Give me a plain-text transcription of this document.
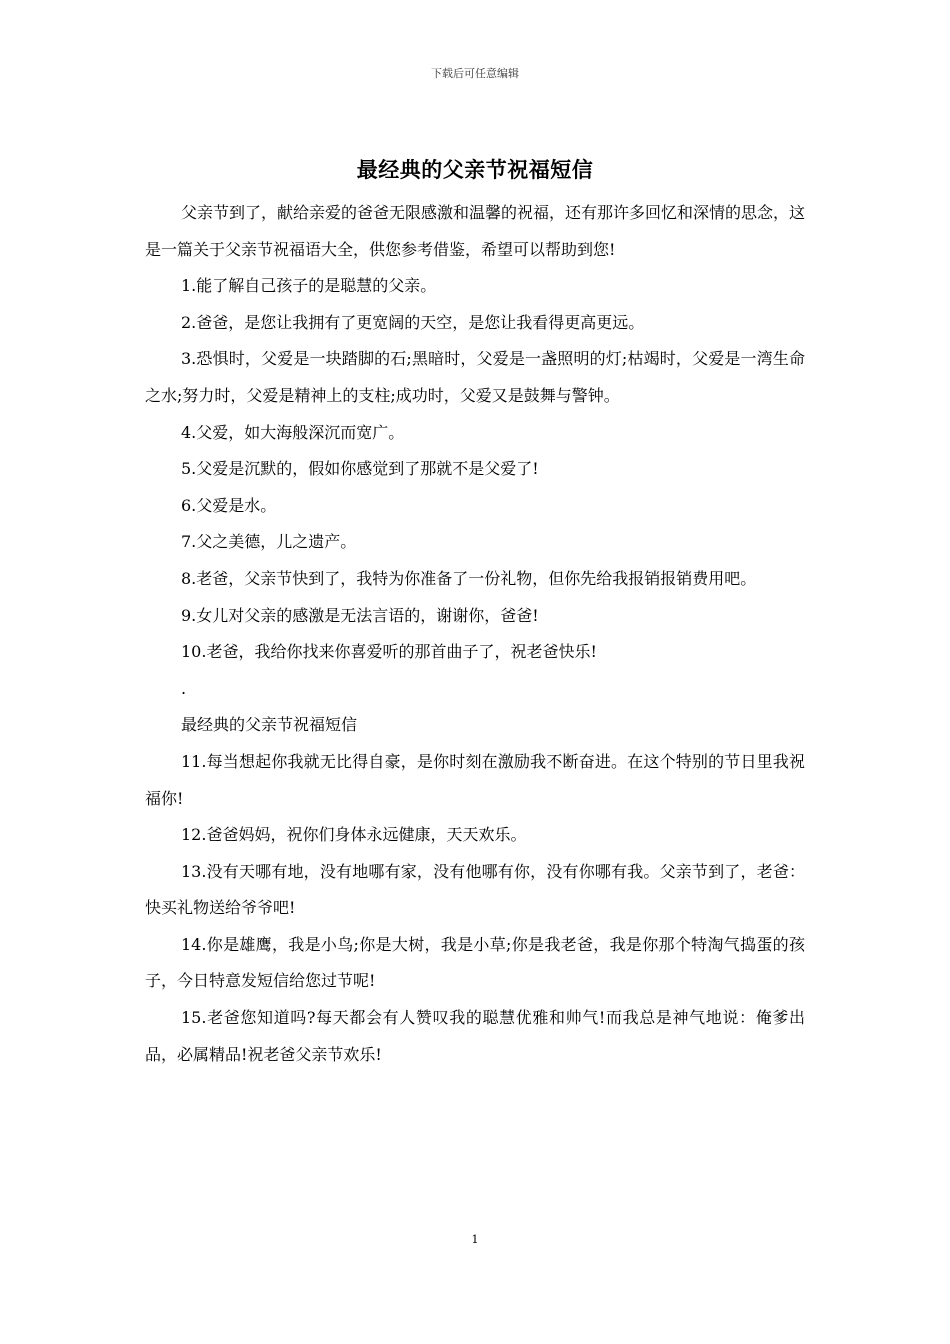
下载后可任意编辑
最经典的父亲节祝福短信

父亲节到了，献给亲爱的爸爸无限感激和温馨的祝福，还有那许多回忆和深情的思念，这是一篇关于父亲节祝福语大全，供您参考借鉴，希望可以帮助到您!

1.能了解自己孩子的是聪慧的父亲。

2.爸爸，是您让我拥有了更宽阔的天空，是您让我看得更高更远。

3.恐惧时，父爱是一块踏脚的石;黑暗时，父爱是一盏照明的灯;枯竭时，父爱是一湾生命之水;努力时，父爱是精神上的支柱;成功时，父爱又是鼓舞与警钟。

4.父爱，如大海般深沉而宽广。

5.父爱是沉默的，假如你感觉到了那就不是父爱了!

6.父爱是水。

7.父之美德，儿之遗产。

8.老爸，父亲节快到了，我特为你准备了一份礼物，但你先给我报销报销费用吧。

9.女儿对父亲的感激是无法言语的，谢谢你，爸爸!

10.老爸，我给你找来你喜爱听的那首曲子了，祝老爸快乐!

.

最经典的父亲节祝福短信

11.每当想起你我就无比得自豪，是你时刻在激励我不断奋进。在这个特别的节日里我祝福你!

12.爸爸妈妈，祝你们身体永远健康，天天欢乐。

13.没有天哪有地，没有地哪有家，没有他哪有你，没有你哪有我。父亲节到了，老爸：快买礼物送给爷爷吧!

14.你是雄鹰，我是小鸟;你是大树，我是小草;你是我老爸，我是你那个特淘气捣蛋的孩子，今日特意发短信给您过节呢!

15.老爸您知道吗?每天都会有人赞叹我的聪慧优雅和帅气!而我总是神气地说：俺爹出品，必属精品!祝老爸父亲节欢乐!

1
